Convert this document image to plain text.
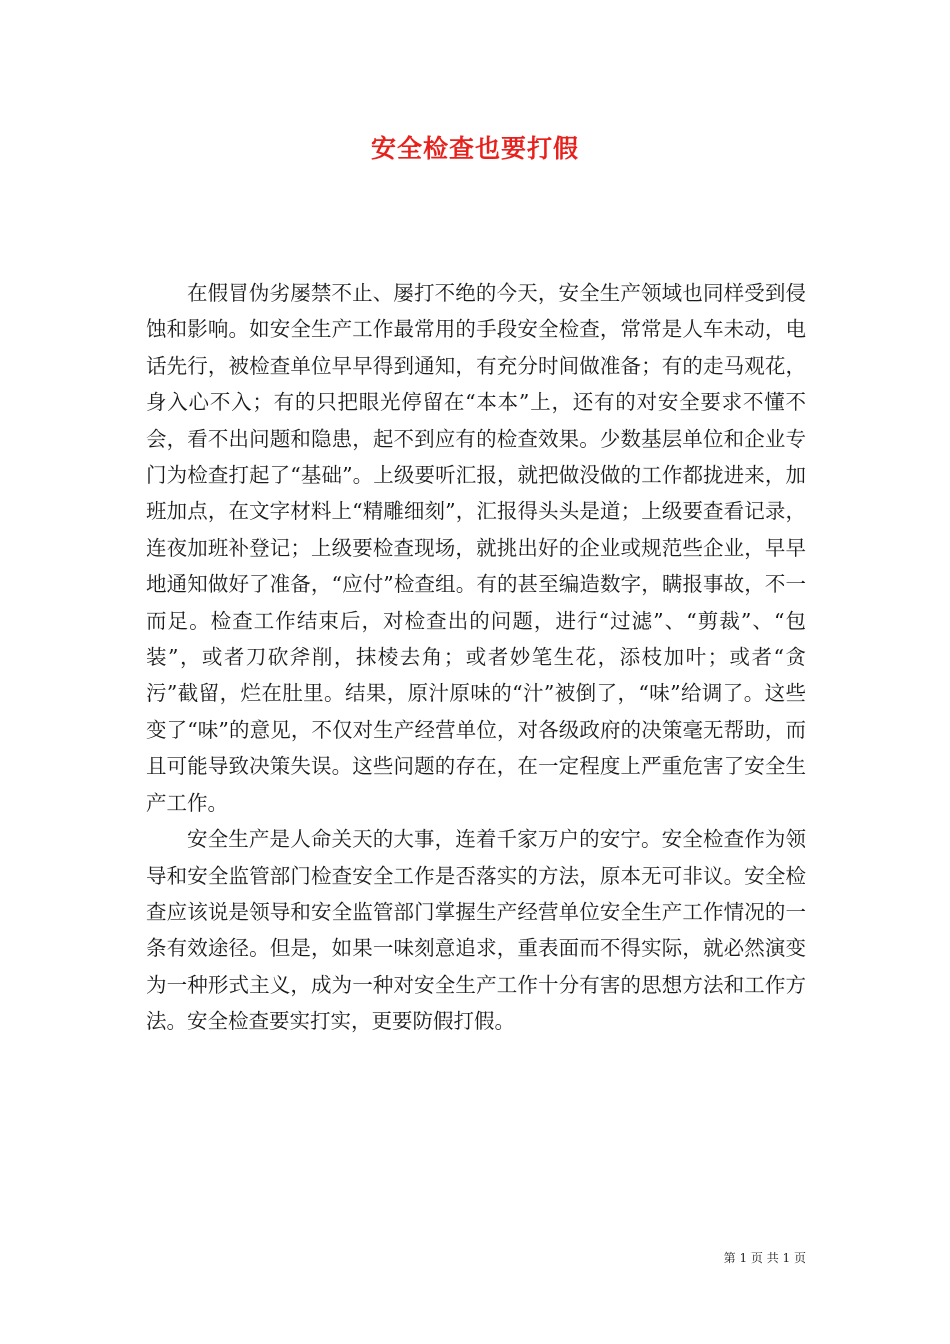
安全检查也要打假

在假冒伪劣屡禁不止、屡打不绝的今天，安全生产领域也同样受到侵蚀和影响。如安全生产工作最常用的手段安全检查，常常是人车未动，电话先行，被检查单位早早得到通知，有充分时间做准备；有的走马观花，身入心不入；有的只把眼光停留在“本本”上，还有的对安全要求不懂不会，看不出问题和隐患，起不到应有的检查效果。少数基层单位和企业专门为检查打起了“基础”。上级要听汇报，就把做没做的工作都拢进来，加班加点，在文字材料上“精雕细刻”，汇报得头头是道；上级要查看记录，连夜加班补登记；上级要检查现场，就挑出好的企业或规范些企业，早早地通知做好了准备，“应付”检查组。有的甚至编造数字，瞒报事故，不一而足。检查工作结束后，对检查出的问题，进行“过滤”、“剪裁”、“包装”，或者刀砍斧削，抹棱去角；或者妙笔生花，添枝加叶；或者“贪污”截留，烂在肚里。结果，原汁原味的“汁”被倒了，“味”给调了。这些变了“味”的意见，不仅对生产经营单位，对各级政府的决策毫无帮助，而且可能导致决策失误。这些问题的存在，在一定程度上严重危害了安全生产工作。

安全生产是人命关天的大事，连着千家万户的安宁。安全检查作为领导和安全监管部门检查安全工作是否落实的方法，原本无可非议。安全检查应该说是领导和安全监管部门掌握生产经营单位安全生产工作情况的一条有效途径。但是，如果一味刻意追求，重表面而不得实际，就必然演变为一种形式主义，成为一种对安全生产工作十分有害的思想方法和工作方法。安全检查要实打实，更要防假打假。

第 1 页 共 1 页
